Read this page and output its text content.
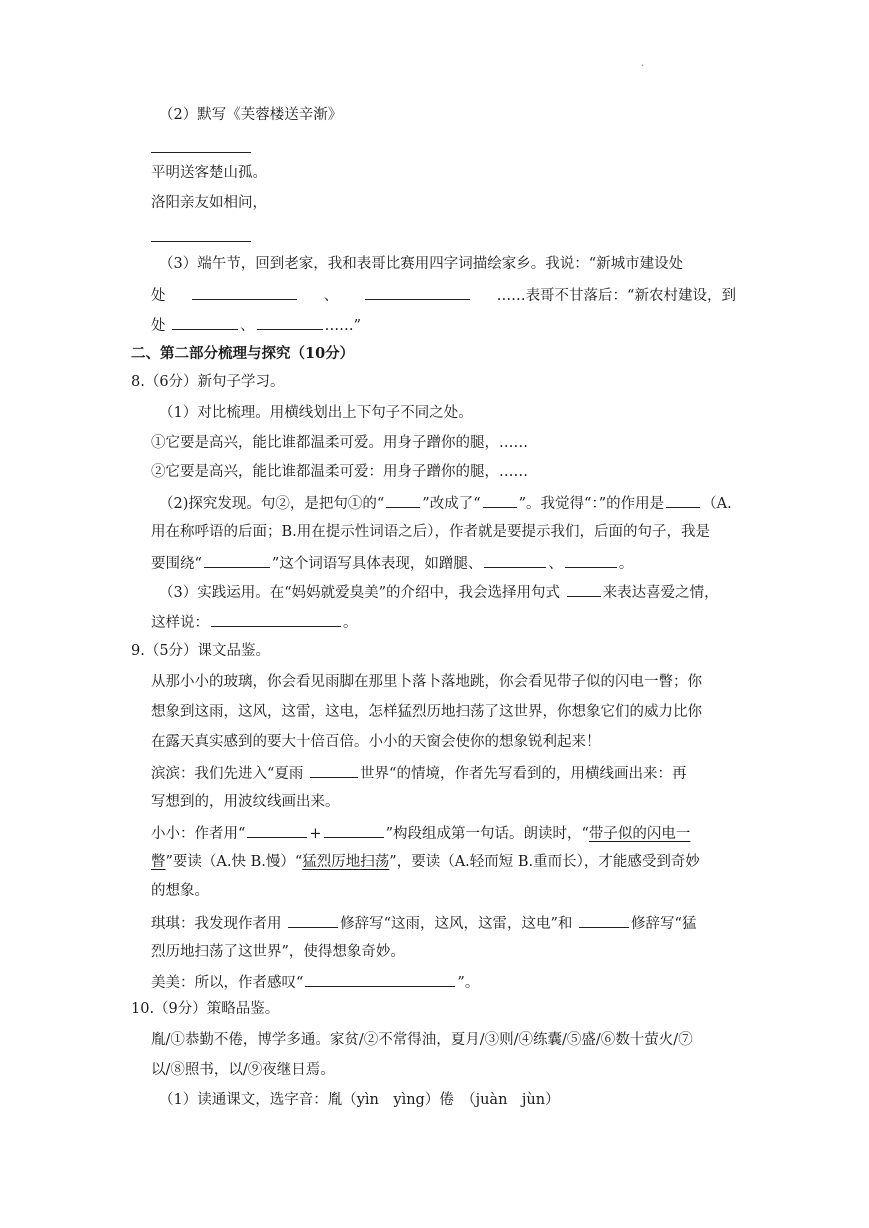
.
（2）默写《芙蓉楼送辛渐》
平明送客楚山孤。
洛阳亲友如相问，
（3）端午节，回到老家，我和表哥比赛用四字词描绘家乡。我说：“新城市建设处
处	、	……表哥不甘落后：“新农村建设，到
处	、	……”
二、第二部分梳理与探究（10分）
8.（6分）新句子学习。
（1）对比梳理。用横线划出上下句子不同之处。
①它要是高兴，能比谁都温柔可爱。用身子蹭你的腿，……
②它要是高兴，能比谁都温柔可爱：用身子蹭你的腿，……
（2)探究发现。句②，是把句①的“	”改成了“	”。我觉得“：”的作用是	（A.
用在称呼语的后面；B.用在提示性词语之后），作者就是要提示我们，后面的句子，我是
要围绕“	”这个词语写具体表现，如蹭腿、	、	。
（3）实践运用。在“妈妈就爱臭美”的介绍中，我会选择用句式	来表达喜爱之情，
这样说：	。
9.（5分）课文品鉴。
从那小小的玻璃，你会看见雨脚在那里卜落卜落地跳，你会看见带子似的闪电一瞥；你
想象到这雨，这风，这雷，这电，怎样猛烈历地扫荡了这世界，你想象它们的威力比你
在露天真实感到的要大十倍百倍。小小的天窗会使你的想象锐利起来！
滨滨：我们先进入“夏雨	世界“的情境，作者先写看到的，用横线画出来：再
写想到的，用波纹线画出来。
小小：作者用“	+	”构段组成第一句话。朗读时，“带子似的闪电一
瞥”要读（A.快 B.慢）“猛烈厉地扫荡”，要读（A.轻而短 B.重而长），才能感受到奇妙
的想象。
琪琪：我发现作者用	修辞写“这雨，这风，这雷，这电”和	修辞写“猛
烈历地扫荡了这世界”，使得想象奇妙。
美美：所以，作者感叹“	”。
10.（9分）策略品鉴。
胤/①恭勤不倦，博学多通。家贫/②不常得油，夏月/③则/④练囊/⑤盛/⑥数十萤火/⑦
以/⑧照书，以/⑨夜继日焉。
（1）读通课文，选字音：胤（yìn　yìng）倦　（juàn　jùn）
